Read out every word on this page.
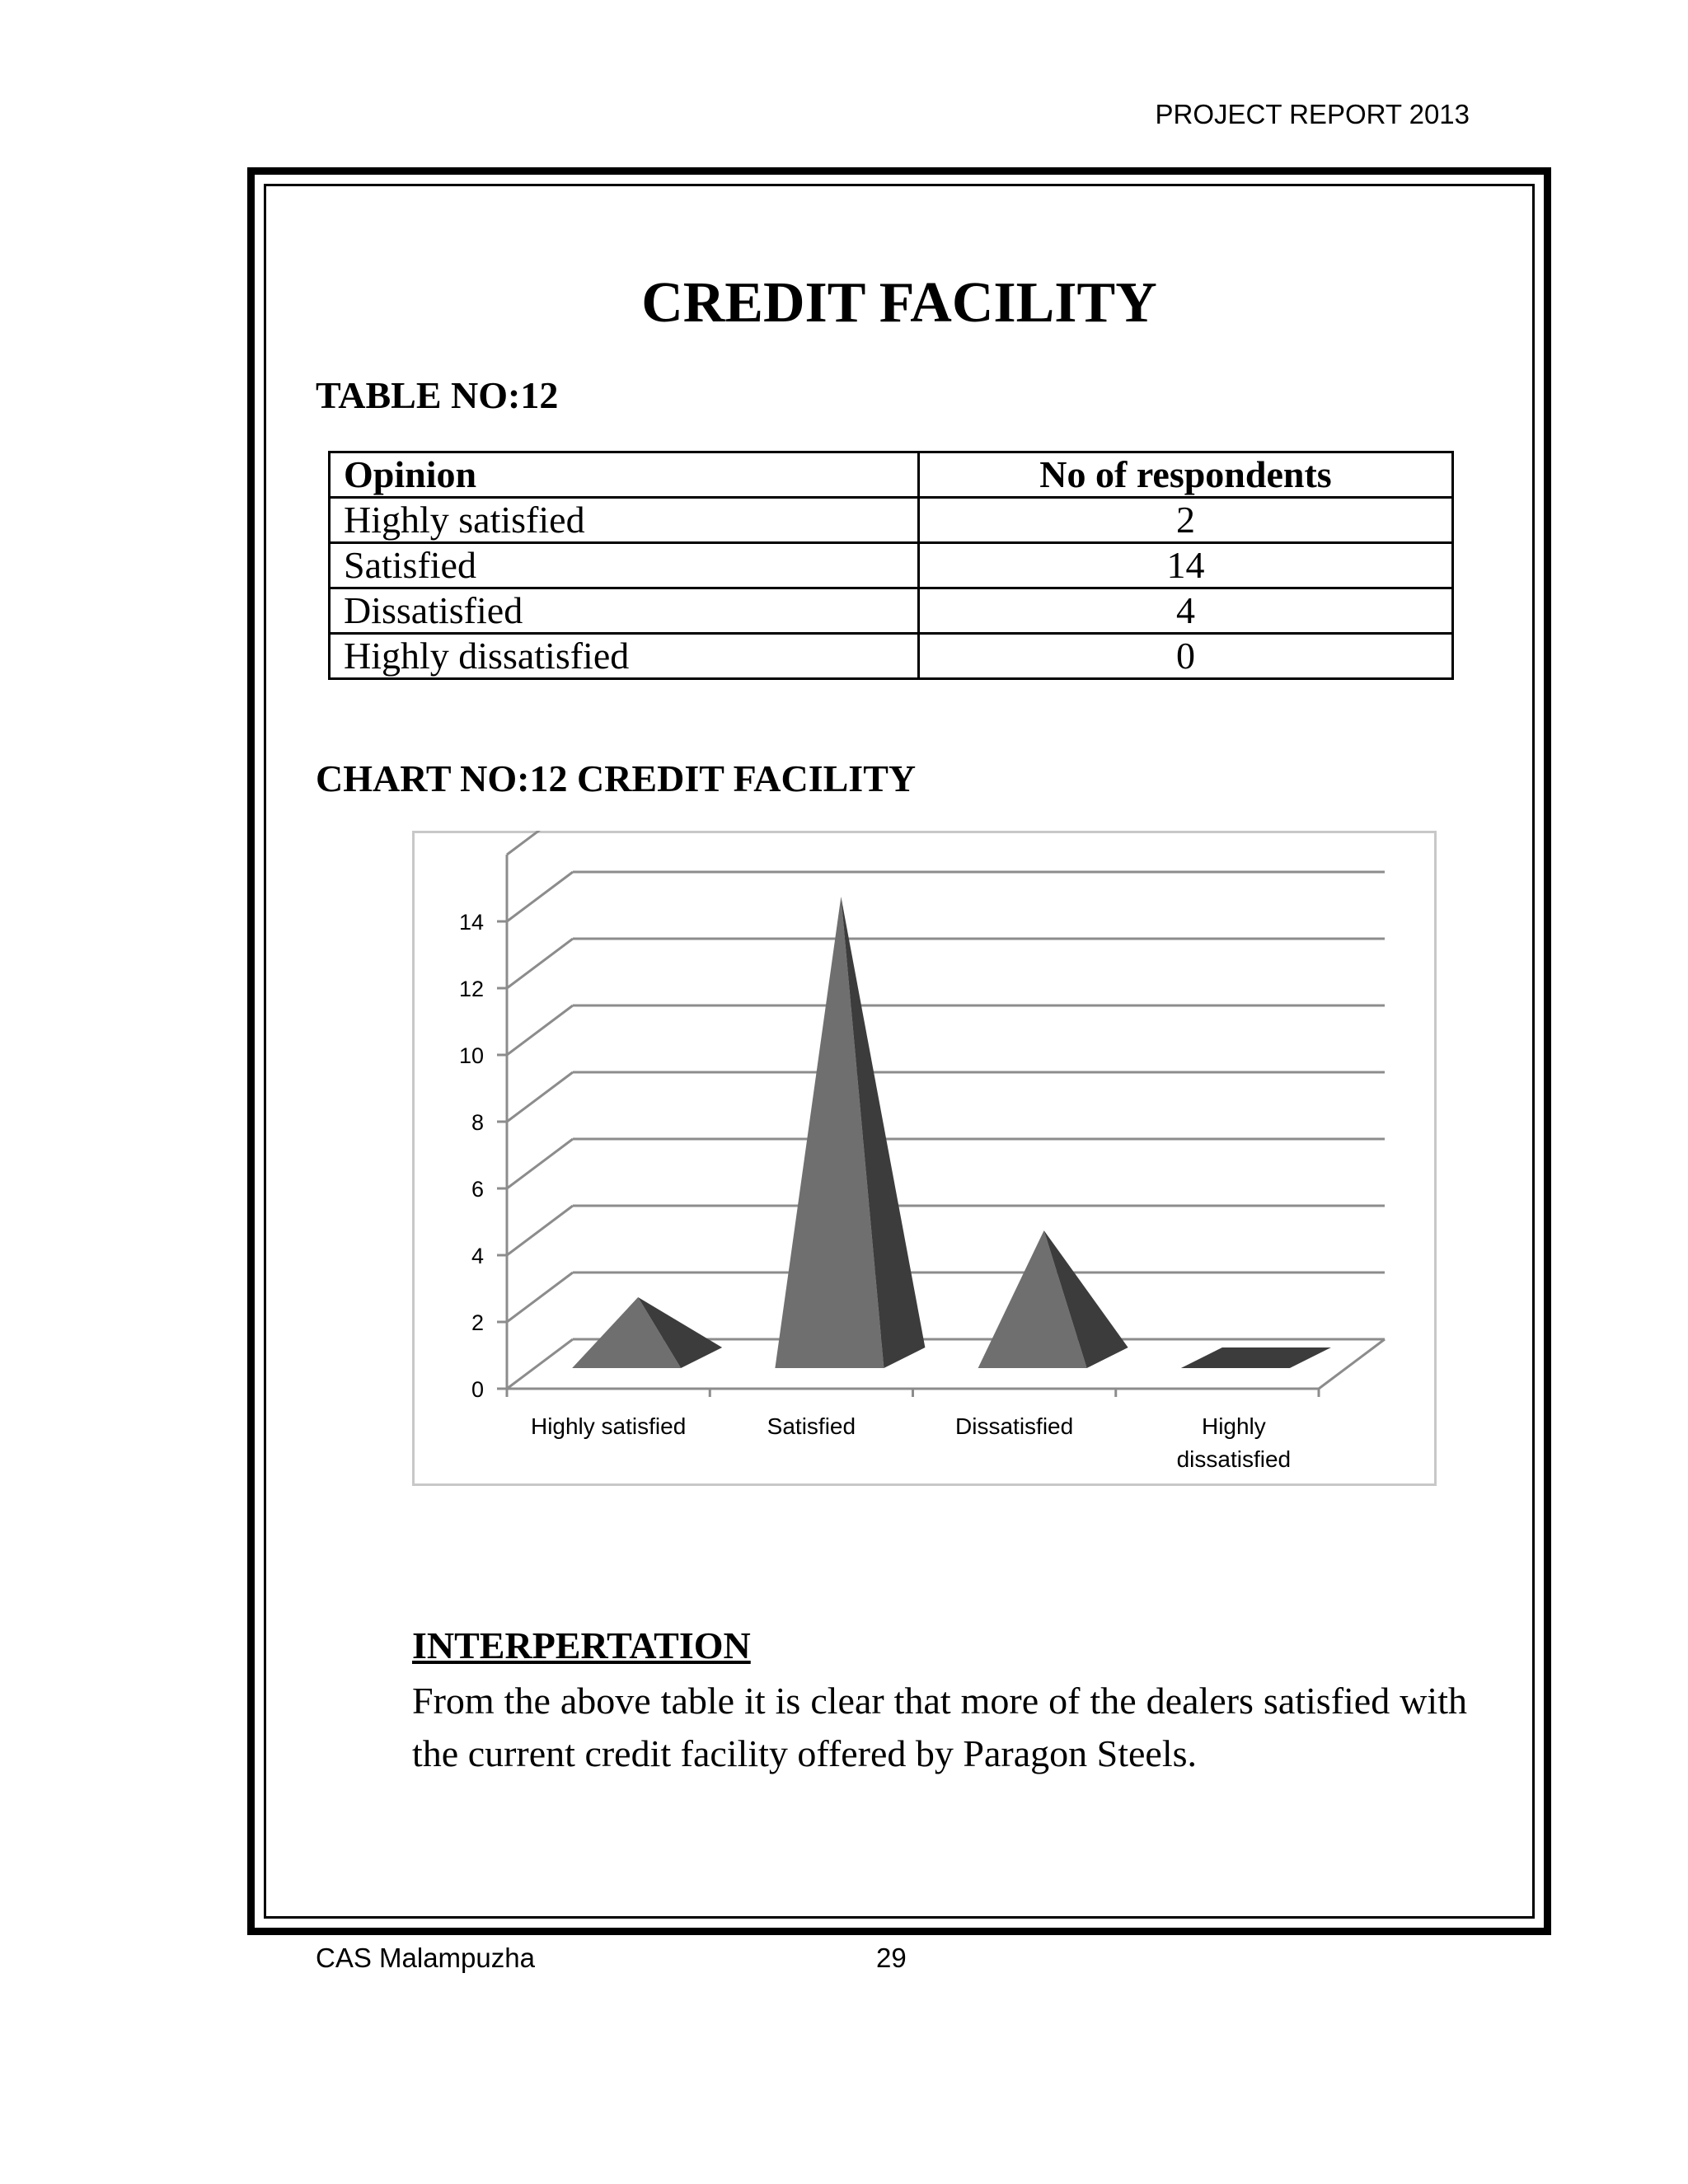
PROJECT REPORT 2013
CREDIT FACILITY
TABLE NO:12
Opinion	No of respondents
Highly satisfied	2
Satisfied	14
Dissatisfied	4
Highly dissatisfied	0
CHART NO:12 CREDIT FACILITY
0
2
4
6
8
10
12
14
Highly satisfied	Satisfied	Dissatisfied	Highly
dissatisfied
INTERPERTATION
From the above table it is clear that more of the dealers satisfied with the current credit facility offered by Paragon Steels.
CAS Malampuzha	29
